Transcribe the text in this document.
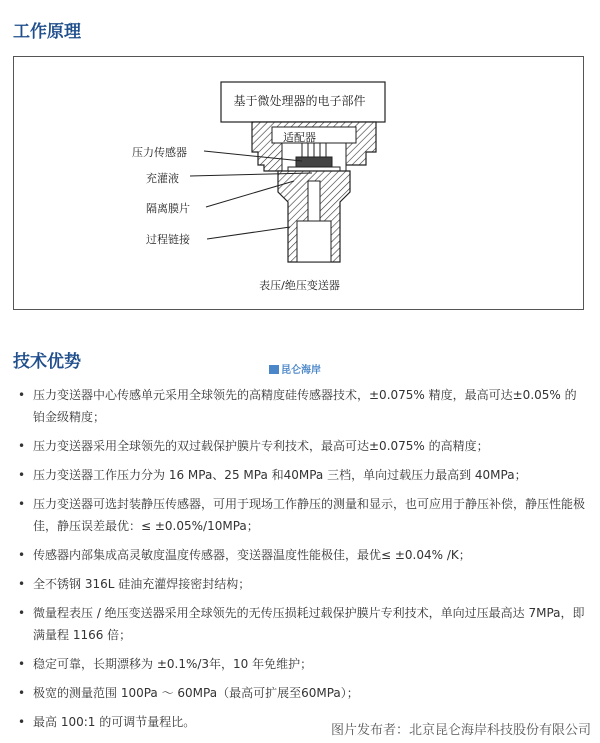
工作原理
基于微处理器的电子部件
适配器
压力传感器
充灌液
隔离膜片
过程链接
表压/绝压变送器
技术优势	昆仑海岸
• 压力变送器中心传感单元采用全球领先的高精度硅传感器技术，±0.075% 精度，最高可达±0.05% 的铂金级精度；
• 压力变送器采用全球领先的双过载保护膜片专利技术，最高可达±0.075% 的高精度；
• 压力变送器工作压力分为 16 MPa、25 MPa 和40MPa 三档，单向过载压力最高到 40MPa；
• 压力变送器可选封装静压传感器，可用于现场工作静压的测量和显示，也可应用于静压补偿，静压性能极佳，静压误差最优：≤ ±0.05%/10MPa；
• 传感器内部集成高灵敏度温度传感器，变送器温度性能极佳，最优≤ ±0.04% /K；
• 全不锈钢 316L 硅油充灌焊接密封结构；
• 微量程表压 / 绝压变送器采用全球领先的无传压损耗过载保护膜片专利技术，单向过压最高达 7MPa，即满量程 1166 倍；
• 稳定可靠，长期漂移为 ±0.1%/3年，10 年免维护；
• 极宽的测量范围 100Pa ～ 60MPa（最高可扩展至60MPa）；
• 最高 100:1 的可调节量程比。
图片发布者：北京昆仑海岸科技股份有限公司
